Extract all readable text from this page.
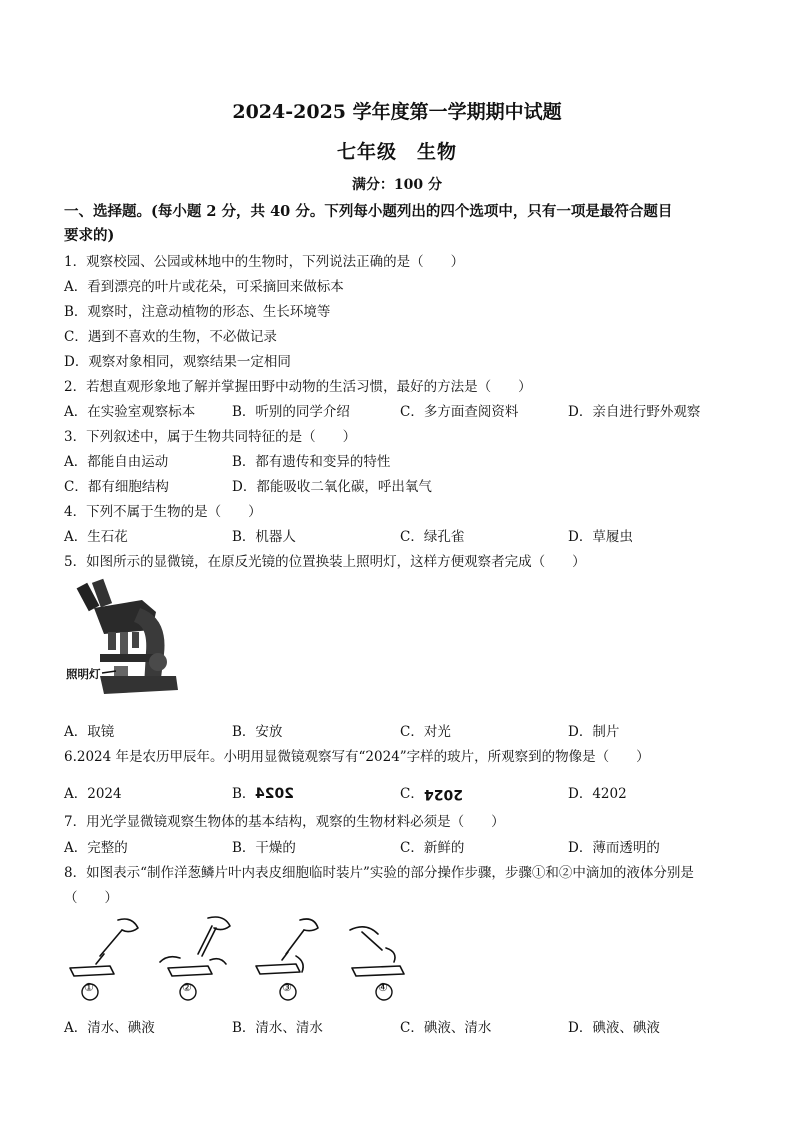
2024-2025 学年度第一学期期中试题
七年级　生物
满分：100 分
一、选择题。(每小题 2 分，共 40 分。下列每小题列出的四个选项中，只有一项是最符合题目
要求的)
1．观察校园、公园或林地中的生物时，下列说法正确的是（　　）
A．看到漂亮的叶片或花朵，可采摘回来做标本
B．观察时，注意动植物的形态、生长环境等
C．遇到不喜欢的生物，不必做记录
D．观察对象相同，观察结果一定相同
2．若想直观形象地了解并掌握田野中动物的生活习惯，最好的方法是（　　）
A．在实验室观察标本	B．听别的同学介绍	C．多方面查阅资料	D．亲自进行野外观察
3．下列叙述中，属于生物共同特征的是（　　）
A．都能自由运动	B．都有遗传和变异的特性
C．都有细胞结构	D．都能吸收二氧化碳，呼出氧气
4．下列不属于生物的是（　　）
A．生石花	B．机器人	C．绿孔雀	D．草履虫
5．如图所示的显微镜，在原反光镜的位置换装上照明灯，这样方便观察者完成（　　）
照明灯
A．取镜	B．安放	C．对光	D．制片
6.2024 年是农历甲辰年。小明用显微镜观察写有“2024”字样的玻片，所观察到的物像是（　　）
A．2024	B．2024	C．2024	D．4202
7．用光学显微镜观察生物体的基本结构，观察的生物材料必须是（　　）
A．完整的	B．干燥的	C．新鲜的	D．薄而透明的
8．如图表示“制作洋葱鳞片叶内表皮细胞临时装片”实验的部分操作步骤，步骤①和②中滴加的液体分别是
（　　）
①	②	③	④
A．清水、碘液	B．清水、清水	C．碘液、清水	D．碘液、碘液
